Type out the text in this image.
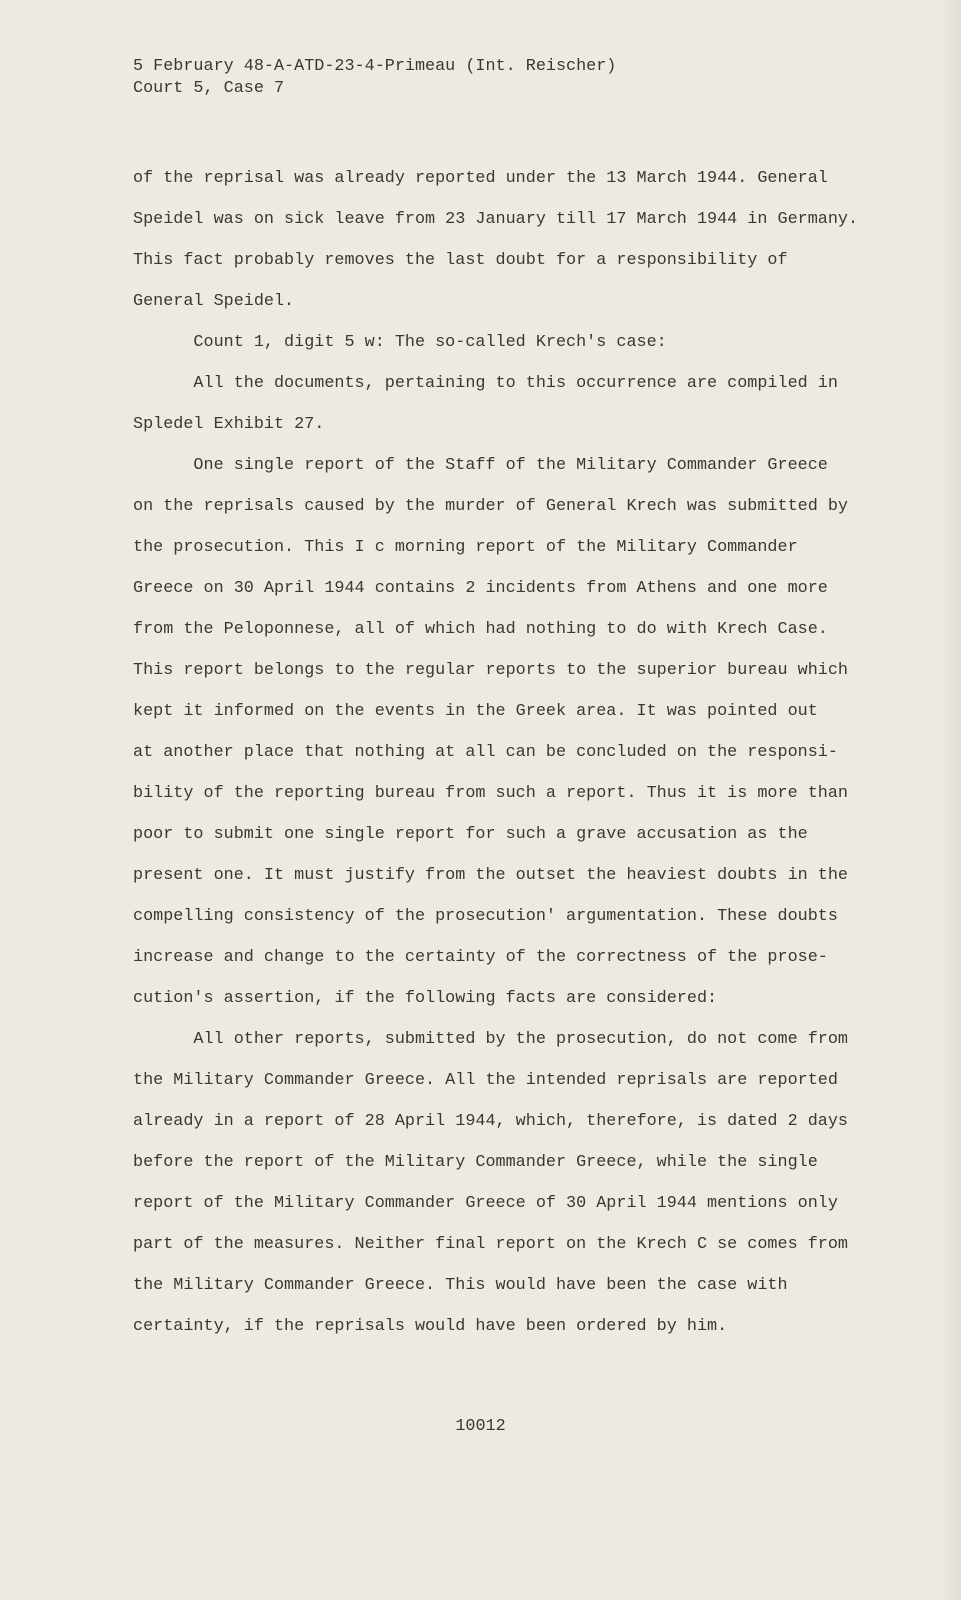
5 February 48-A-ATD-23-4-Primeau (Int. Reischer)
Court 5, Case 7
of the reprisal was already reported under the 13 March 1944. General
Speidel was on sick leave from 23 January till 17 March 1944 in Germany.
This fact probably removes the last doubt for a responsibility of
General Speidel.
Count 1, digit 5 w: The so-called Krech's case:
All the documents, pertaining to this occurrence are compiled in
Spledel Exhibit 27.
One single report of the Staff of the Military Commander Greece
on the reprisals caused by the murder of General Krech was submitted by
the prosecution. This I c morning report of the Military Commander
Greece on 30 April 1944 contains 2 incidents from Athens and one more
from the Peloponnese, all of which had nothing to do with Krech Case.
This report belongs to the regular reports to the superior bureau which
kept it informed on the events in the Greek area. It was pointed out
at another place that nothing at all can be concluded on the responsi-
bility of the reporting bureau from such a report. Thus it is more than
poor to submit one single report for such a grave accusation as the
present one. It must justify from the outset the heaviest doubts in the
compelling consistency of the prosecution' argumentation. These doubts
increase and change to the certainty of the correctness of the prose-
cution's assertion, if the following facts are considered:
All other reports, submitted by the prosecution, do not come from
the Military Commander Greece. All the intended reprisals are reported
already in a report of 28 April 1944, which, therefore, is dated 2 days
before the report of the Military Commander Greece, while the single
report of the Military Commander Greece of 30 April 1944 mentions only
part of the measures. Neither final report on the Krech C se comes from
the Military Commander Greece. This would have been the case with
certainty, if the reprisals would have been ordered by him.
10012
